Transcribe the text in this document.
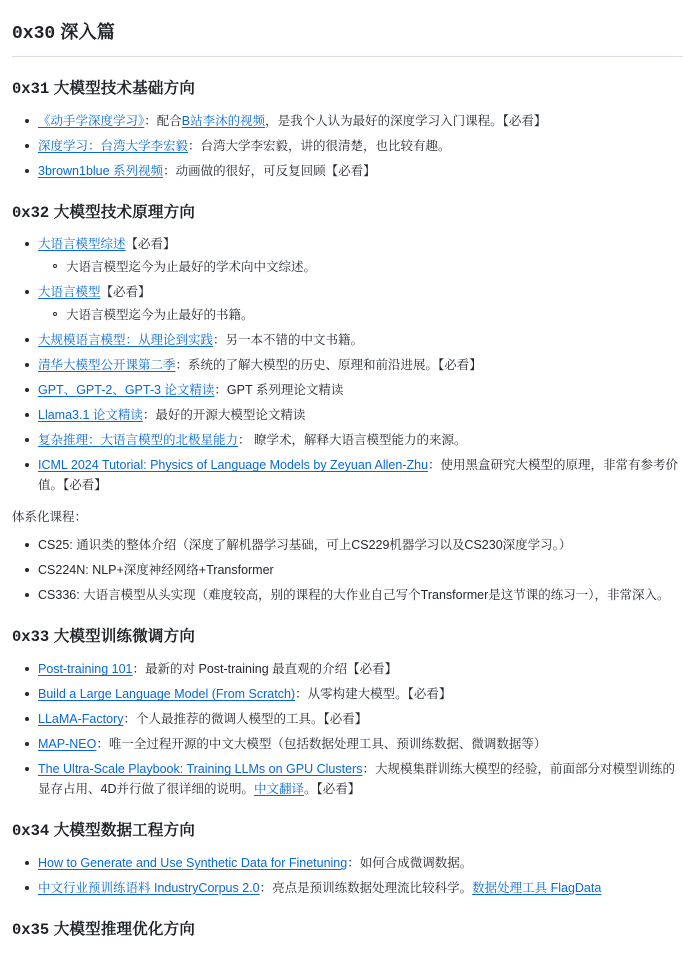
0x30 深入篇
0x31 大模型技术基础方向
《动手学深度学习》：配合B站李沐的视频，是我个人认为最好的深度学习入门课程。【必看】
深度学习：台湾大学李宏毅：台湾大学李宏毅，讲的很清楚，也比较有趣。
3brown1blue 系列视频：动画做的很好，可反复回顾【必看】
0x32 大模型技术原理方向
大语言模型综述【必看】
大语言模型迄今为止最好的学术向中文综述。
大语言模型【必看】
大语言模型迄今为止最好的书籍。
大规模语言模型：从理论到实践：另一本不错的中文书籍。
清华大模型公开课第二季：系统的了解大模型的历史、原理和前沿进展。【必看】
GPT、GPT-2、GPT-3 论文精读：GPT 系列理论文精读
Llama3.1 论文精读：最好的开源大模型论文精读
复杂推理：大语言模型的北极星能力： 瞭学术，解释大语言模型能力的来源。
ICML 2024 Tutorial: Physics of Language Models by Zeyuan Allen-Zhu：使用黑盒研究大模型的原理，非常有参考价值。【必看】
体系化课程：
CS25: 通识类的整体介绍（深度了解机器学习基础，可上CS229机器学习以及CS230深度学习。）
CS224N: NLP+深度神经网络+Transformer
CS336: 大语言模型从头实现（难度较高，别的课程的大作业自己写个Transformer是这节课的练习一），非常深入。
0x33 大模型训练微调方向
Post-training 101：最新的对 Post-training 最直观的介绍【必看】
Build a Large Language Model (From Scratch)：从零构建大模型。【必看】
LLaMA-Factory：个人最推荐的微调人模型的工具。【必看】
MAP-NEO：唯一全过程开源的中文大模型（包括数据处理工具、预训练数据、微调数据等）
The Ultra-Scale Playbook: Training LLMs on GPU Clusters：大规模集群训练大模型的经验，前面部分对模型训练的显存占用、4D并行做了很详细的说明。中文翻译。【必看】
0x34 大模型数据工程方向
How to Generate and Use Synthetic Data for Finetuning：如何合成微调数据。
中文行业预训练语料 IndustryCorpus 2.0：亮点是预训练数据处理流比较科学。数据处理工具 FlagData
0x35 大模型推理优化方向
